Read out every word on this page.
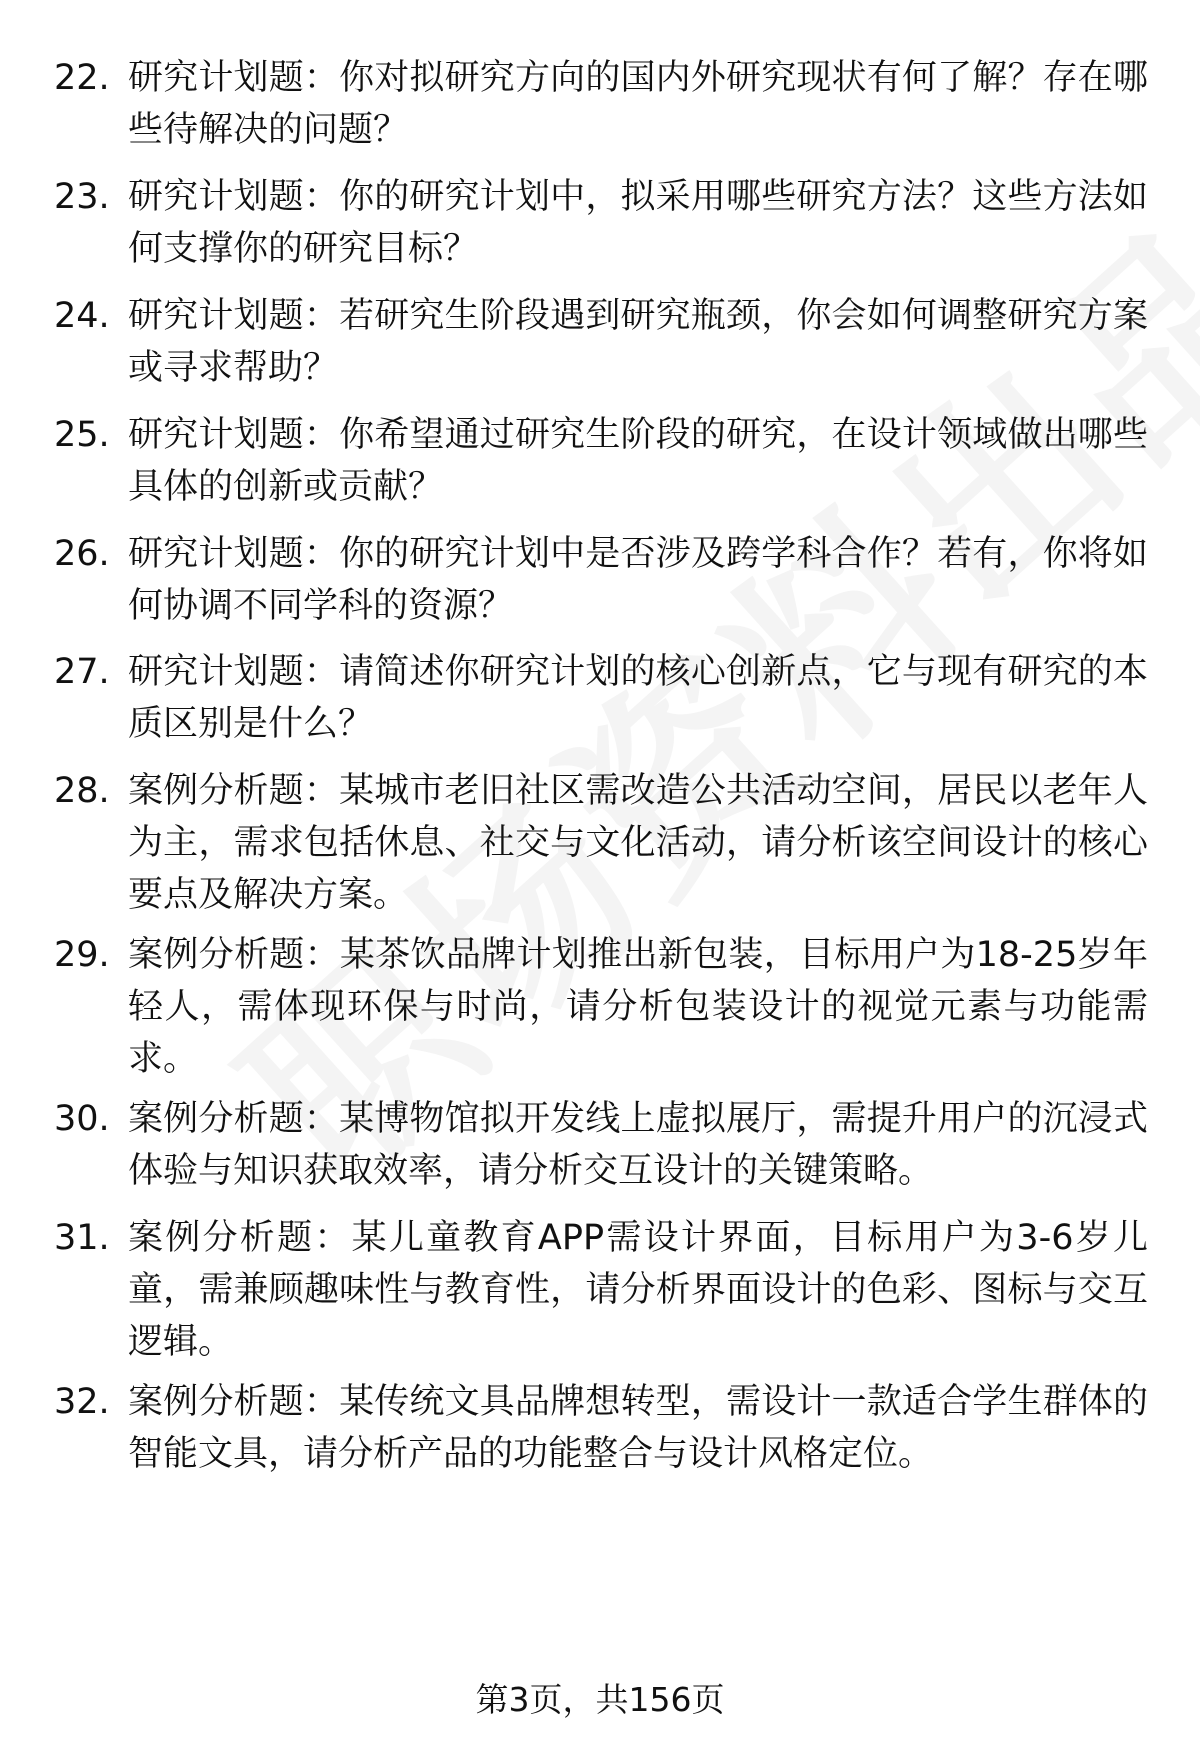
22. 研究计划题：你对拟研究方向的国内外研究现状有何了解？存在哪些待解决的问题？
23. 研究计划题：你的研究计划中，拟采用哪些研究方法？这些方法如何支撑你的研究目标？
24. 研究计划题：若研究生阶段遇到研究瓶颈，你会如何调整研究方案或寻求帮助？
25. 研究计划题：你希望通过研究生阶段的研究，在设计领域做出哪些具体的创新或贡献？
26. 研究计划题：你的研究计划中是否涉及跨学科合作？若有，你将如何协调不同学科的资源？
27. 研究计划题：请简述你研究计划的核心创新点，它与现有研究的本质区别是什么？
28. 案例分析题：某城市老旧社区需改造公共活动空间，居民以老年人为主，需求包括休息、社交与文化活动，请分析该空间设计的核心要点及解决方案。
29. 案例分析题：某茶饮品牌计划推出新包装，目标用户为18-25岁年轻人，需体现环保与时尚，请分析包装设计的视觉元素与功能需求。
30. 案例分析题：某博物馆拟开发线上虚拟展厅，需提升用户的沉浸式体验与知识获取效率，请分析交互设计的关键策略。
31. 案例分析题：某儿童教育APP需设计界面，目标用户为3-6岁儿童，需兼顾趣味性与教育性，请分析界面设计的色彩、图标与交互逻辑。
32. 案例分析题：某传统文具品牌想转型，需设计一款适合学生群体的智能文具，请分析产品的功能整合与设计风格定位。
第3页，共156页
